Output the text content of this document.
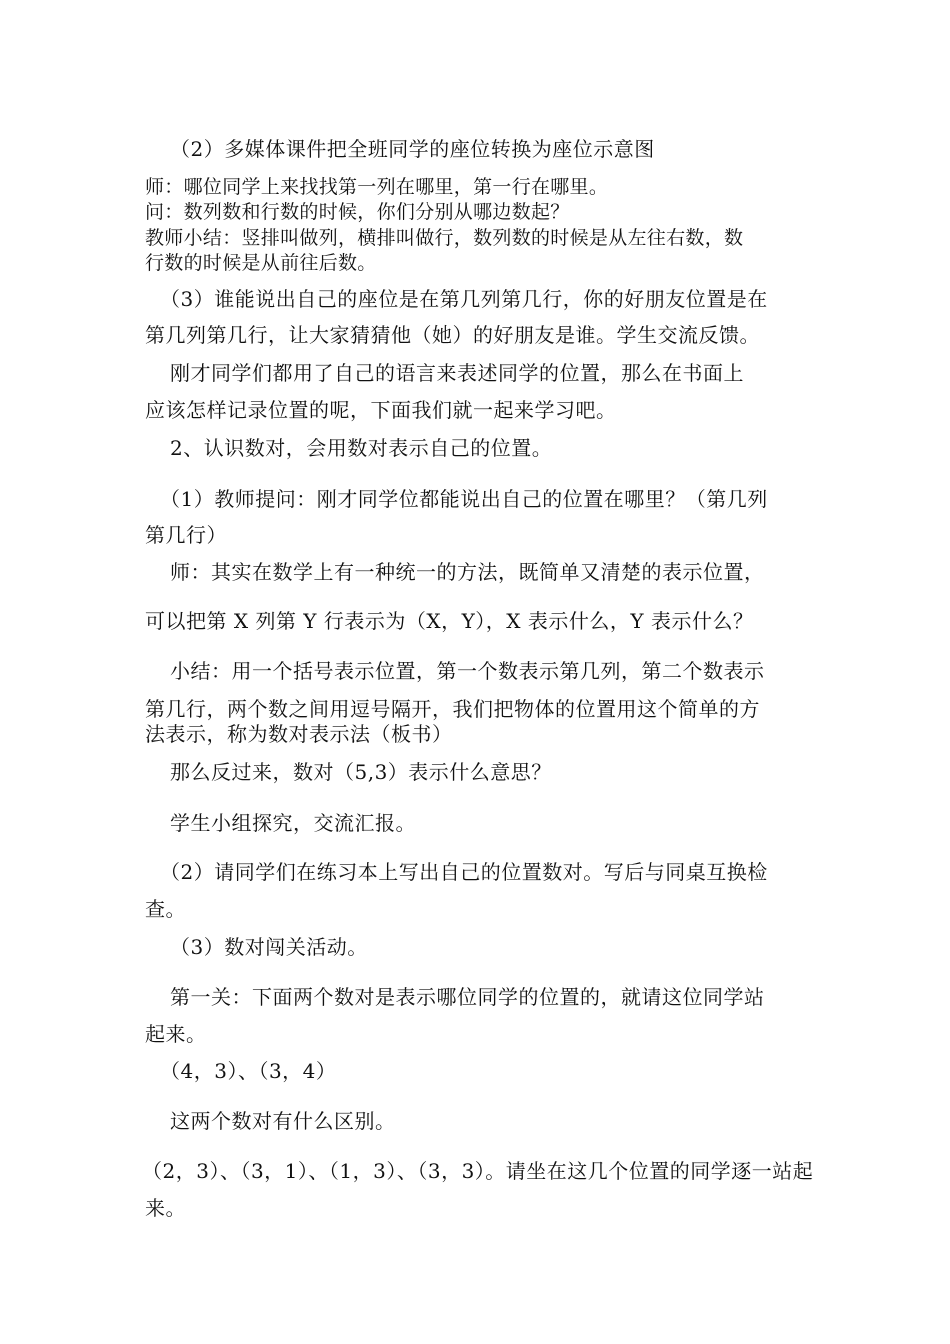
（2）多媒体课件把全班同学的座位转换为座位示意图
师：哪位同学上来找找第一列在哪里，第一行在哪里。
问：数列数和行数的时候，你们分别从哪边数起？
教师小结：竖排叫做列，横排叫做行，数列数的时候是从左往右数，数
行数的时候是从前往后数。
（3）谁能说出自己的座位是在第几列第几行，你的好朋友位置是在
第几列第几行，让大家猜猜他（她）的好朋友是谁。学生交流反馈。
刚才同学们都用了自己的语言来表述同学的位置，那么在书面上
应该怎样记录位置的呢，下面我们就一起来学习吧。
2、认识数对，会用数对表示自己的位置。
（1）教师提问：刚才同学位都能说出自己的位置在哪里？（第几列
第几行）
师：其实在数学上有一种统一的方法，既简单又清楚的表示位置，
可以把第 X 列第 Y 行表示为（X，Y），X 表示什么，Y 表示什么？
小结：用一个括号表示位置，第一个数表示第几列，第二个数表示
第几行，两个数之间用逗号隔开，我们把物体的位置用这个简单的方
法表示，称为数对表示法（板书）
那么反过来，数对（5,3）表示什么意思？
学生小组探究，交流汇报。
（2）请同学们在练习本上写出自己的位置数对。写后与同桌互换检
查。
（3）数对闯关活动。
第一关：下面两个数对是表示哪位同学的位置的，就请这位同学站
起来。
（4，3）、（3，4）
这两个数对有什么区别。
（2，3）、（3，1）、（1，3）、（3，3）。请坐在这几个位置的同学逐一站起
来。
